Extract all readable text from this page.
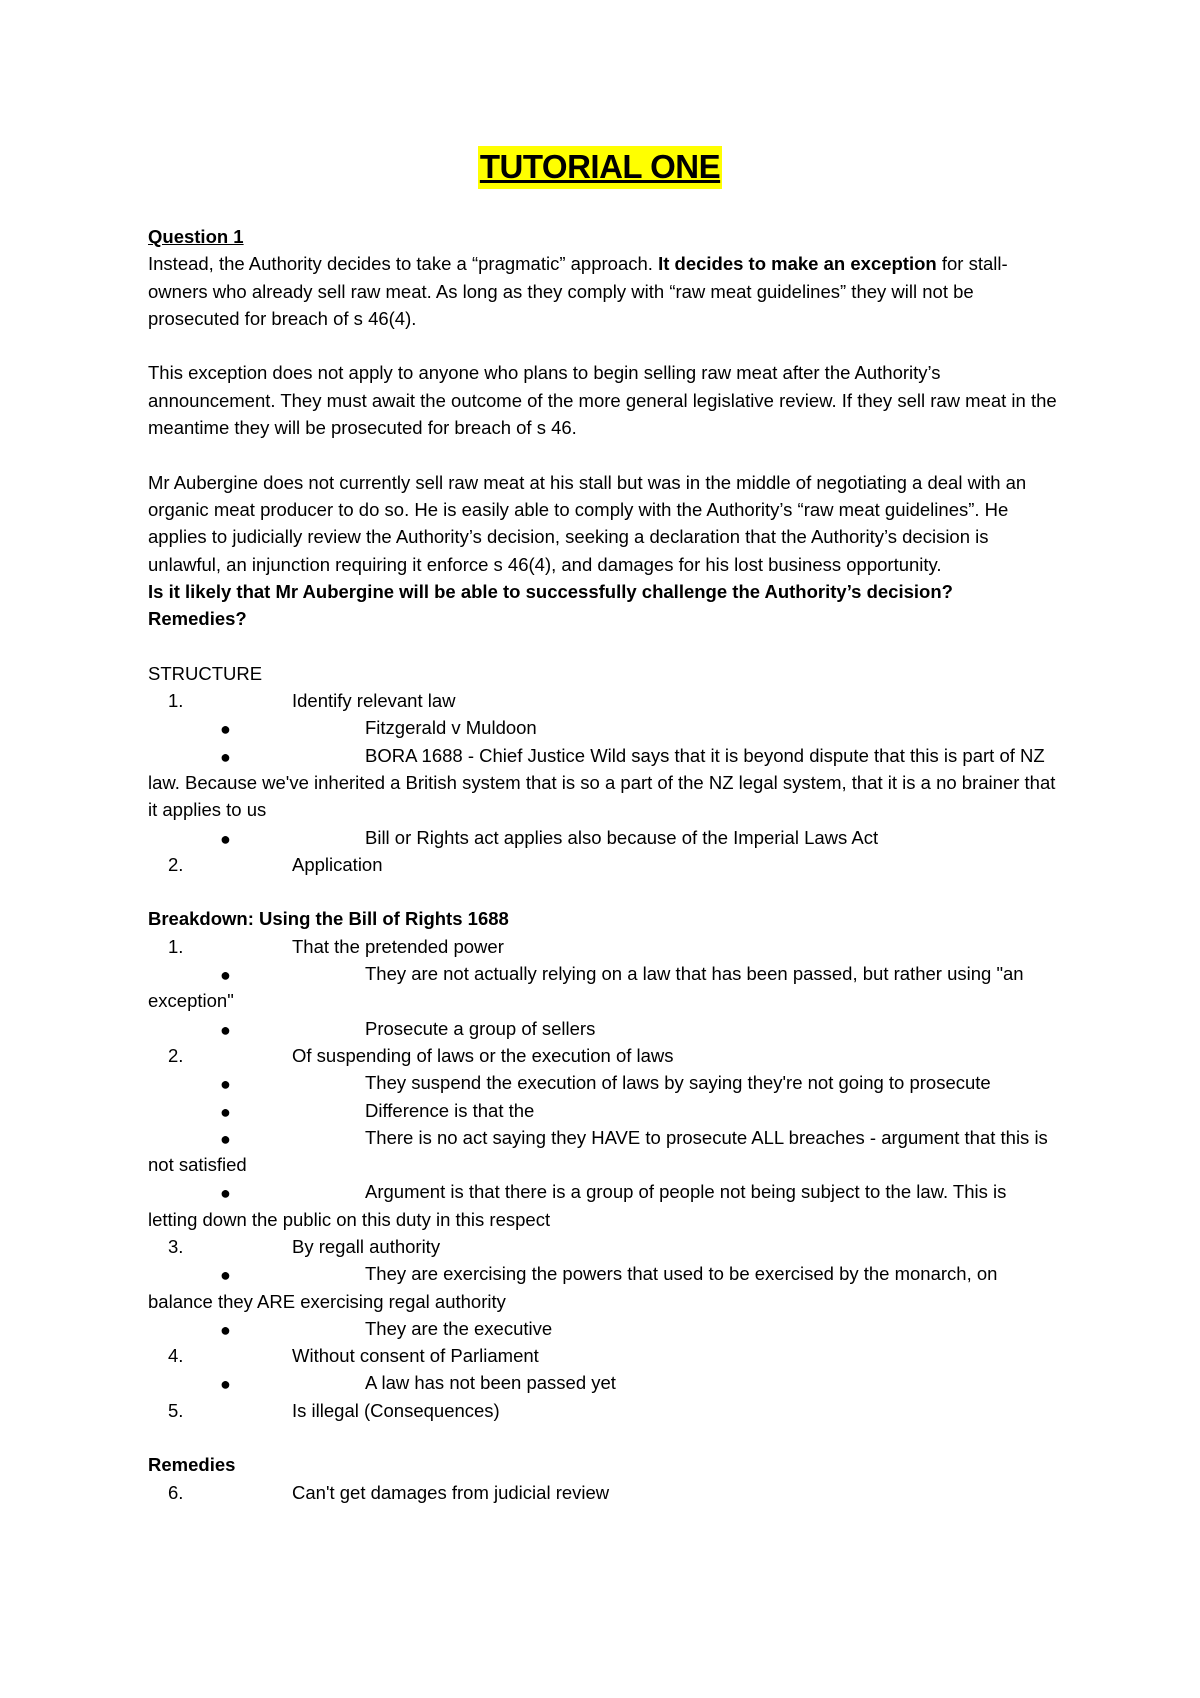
TUTORIAL ONE

Question 1

Instead, the Authority decides to take a “pragmatic” approach. It decides to make an exception for stall-owners who already sell raw meat. As long as they comply with “raw meat guidelines” they will not be prosecuted for breach of s 46(4).

This exception does not apply to anyone who plans to begin selling raw meat after the Authority’s announcement. They must await the outcome of the more general legislative review. If they sell raw meat in the meantime they will be prosecuted for breach of s 46.

Mr Aubergine does not currently sell raw meat at his stall but was in the middle of negotiating a deal with an organic meat producer to do so. He is easily able to comply with the Authority’s “raw meat guidelines”. He applies to judicially review the Authority’s decision, seeking a declaration that the Authority’s decision is unlawful, an injunction requiring it enforce s 46(4), and damages for his lost business opportunity.

Is it likely that Mr Aubergine will be able to successfully challenge the Authority’s decision?

Remedies?

STRUCTURE

1.	Identify relevant law

●	Fitzgerald v Muldoon

●	BORA 1688 - Chief Justice Wild says that it is beyond dispute that this is part of NZ law. Because we've inherited a British system that is so a part of the NZ legal system, that it is a no brainer that it applies to us

●	Bill or Rights act applies also because of the Imperial Laws Act

2.	Application

Breakdown: Using the Bill of Rights 1688

1.	That the pretended power

●	They are not actually relying on a law that has been passed, but rather using "an exception"

●	Prosecute a group of sellers

2.	Of suspending of laws or the execution of laws

●	They suspend the execution of laws by saying they're not going to prosecute

●	Difference is that the

●	There is no act saying they HAVE to prosecute ALL breaches - argument that this is not satisfied

●	Argument is that there is a group of people not being subject to the law. This is letting down the public on this duty in this respect

3.	By regall authority

●	They are exercising the powers that used to be exercised by the monarch, on balance they ARE exercising regal authority

●	They are the executive

4.	Without consent of Parliament

●	A law has not been passed yet

5.	Is illegal (Consequences)

Remedies

6.	Can't get damages from judicial review
